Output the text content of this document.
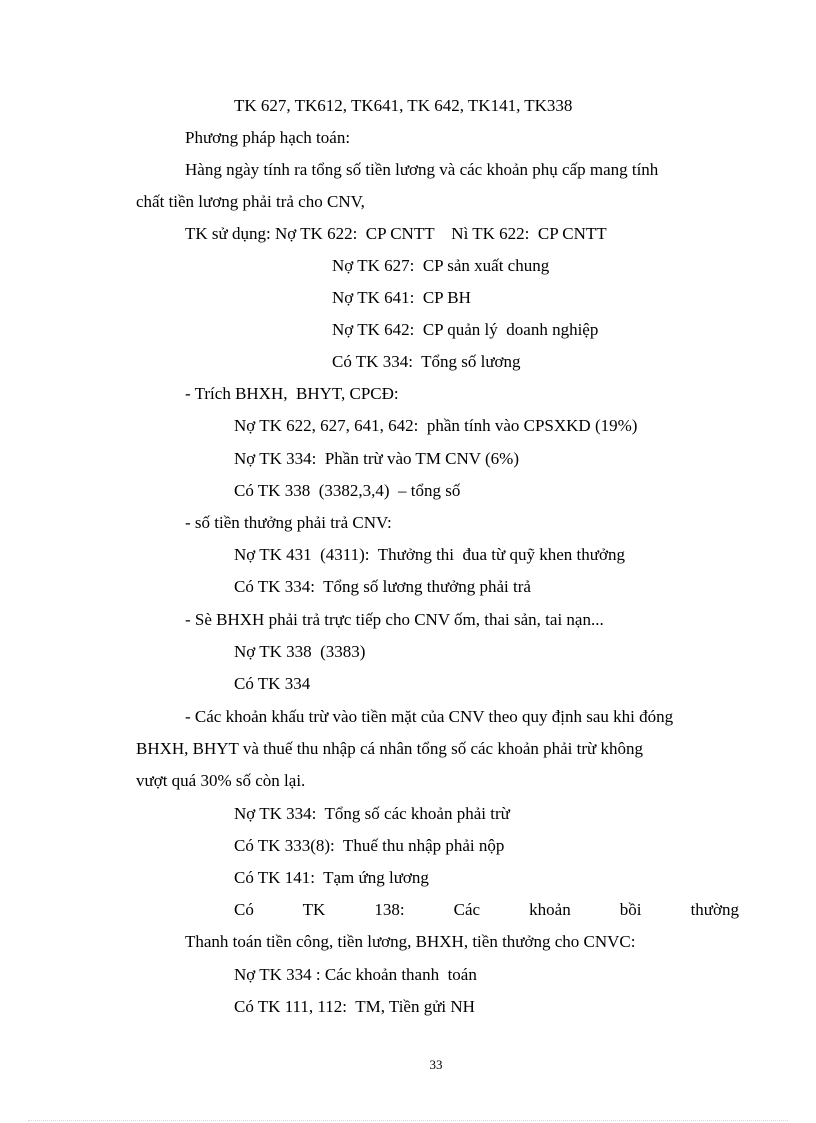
TK 627, TK612, TK641, TK 642, TK141, TK338
Phương pháp hạch toán:
Hàng ngày tính ra tổng số tiền lương và các khoản phụ cấp mang tính
chất tiền lương phải trả cho CNV,
TK sử dụng: Nợ TK 622:  CP CNTT    Nì TK 622:  CP CNTT
Nợ TK 627:  CP sản xuất chung
Nợ TK 641:  CP BH
Nợ TK 642:  CP quản lý  doanh nghiệp
Có TK 334:  Tổng số lương
- Trích BHXH,  BHYT, CPCĐ:
Nợ TK 622, 627, 641, 642:  phần tính vào CPSXKD (19%)
Nợ TK 334:  Phần trừ vào TM CNV (6%)
Có TK 338  (3382,3,4)  – tổng số
- số tiền thưởng phải trả CNV:
Nợ TK 431  (4311):  Thưởng thi  đua từ quỹ khen thưởng
Có TK 334:  Tổng số lương thưởng phải trả
- Sè BHXH phải trả trực tiếp cho CNV ốm, thai sản, tai nạn...
Nợ TK 338  (3383)
Có TK 334
- Các khoản khấu trừ vào tiền mặt của CNV theo quy định sau khi đóng
BHXH, BHYT và thuế thu nhập cá nhân tổng số các khoản phải trừ không
vượt quá 30% số còn lại.
Nợ TK 334:  Tổng số các khoản phải trừ
Có TK 333(8):  Thuế thu nhập phải nộp
Có TK 141:  Tạm ứng lương
Có TK 138: Các khoản bồi thường
Thanh toán tiền công, tiền lương, BHXH, tiền thưởng cho CNVC:
Nợ TK 334 : Các khoản thanh  toán
Có TK 111, 112:  TM, Tiền gửi NH
33
